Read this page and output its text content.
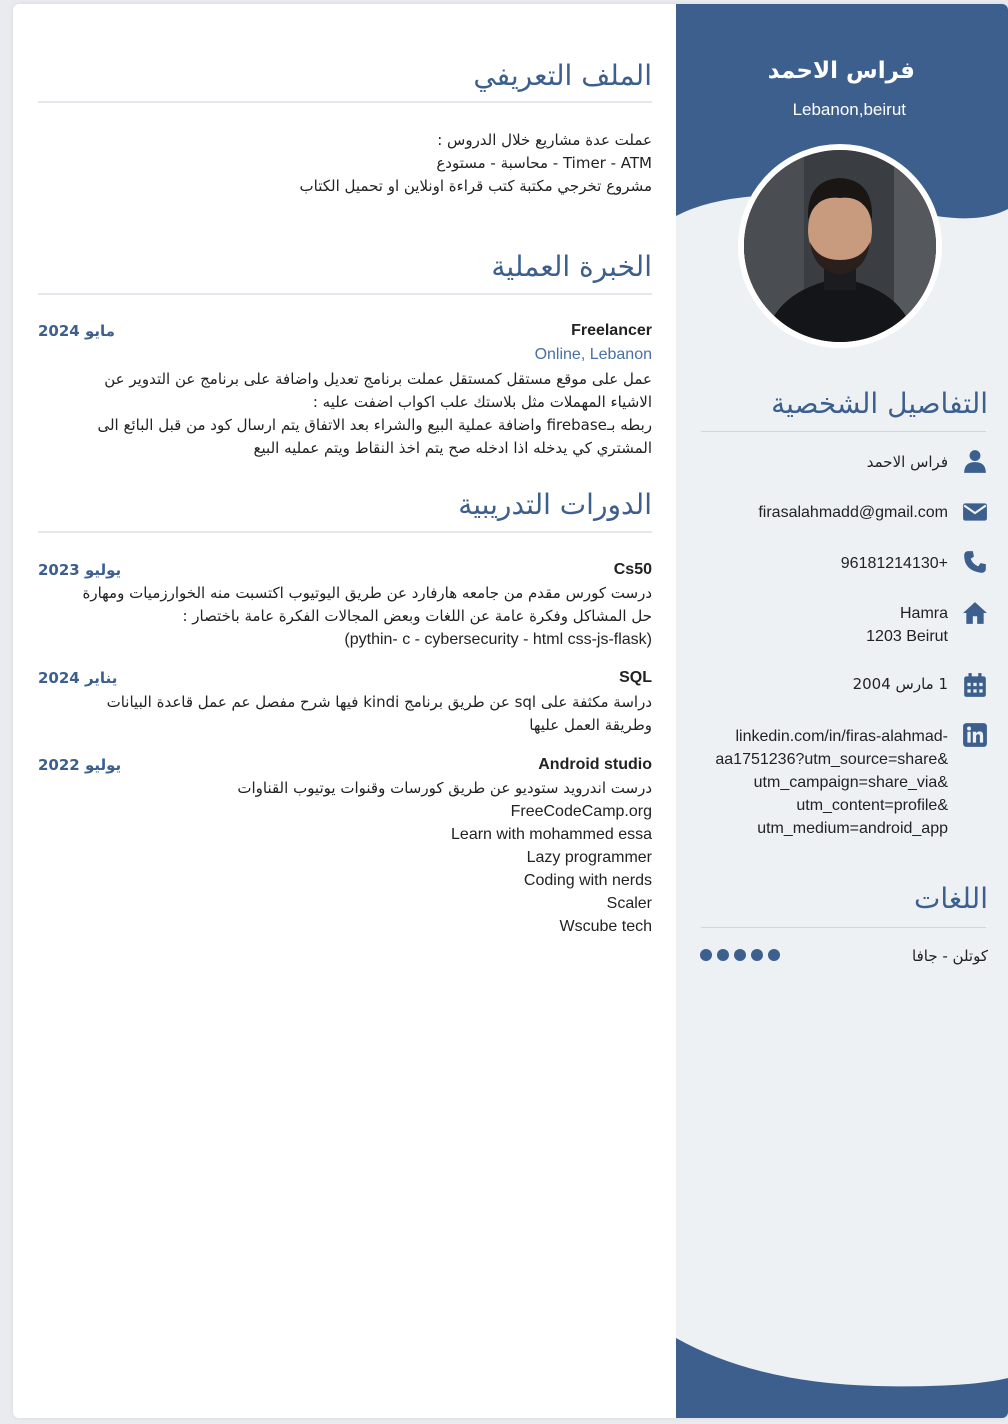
الملف التعريفي
عملت عدة مشاريع خلال الدروس :
Timer - ATM - محاسبة - مستودع
مشروع تخرجي مكتبة كتب قراءة اونلاين او تحميل الكتاب
الخبرة العملية
Freelancer
مايو 2024
Online, Lebanon
عمل على موقع مستقل كمستقل عملت برنامج تعديل واضافة على برنامج عن التدوير عن
الاشياء المهملات مثل بلاستك علب اكواب اضفت عليه :
ربطه بـfirebase واضافة عملية البيع والشراء بعد الاتفاق يتم ارسال كود من قبل البائع الى
المشتري كي يدخله اذا ادخله صح يتم اخذ النقاط ويتم عمليه البيع
الدورات التدريبية
Cs50
يوليو 2023
درست كورس مقدم من جامعه هارفارد عن طريق اليوتيوب اكتسبت منه الخوارزميات ومهارة
حل المشاكل وفكرة عامة عن اللغات وبعض المجالات الفكرة عامة باختصار :
(pythin- c - cybersecurity - html css-js-flask)
SQL
يناير 2024
دراسة مكثفة على sql عن طريق برنامج kindi فيها شرح مفصل عم عمل قاعدة البيانات
وطريقة العمل عليها
Android studio
يوليو 2022
درست اندرويد ستوديو عن طريق كورسات وقنوات يوتيوب القناوات
FreeCodeCamp.org
Learn with mohammed essa
Lazy programmer
Coding with nerds
Scaler
Wscube tech
فراس الاحمد
Lebanon,beirut
التفاصيل الشخصية
فراس الاحمد
firasalahmadd@gmail.com
96181214130+
Hamra
1203 Beirut
1 مارس 2004
linkedin.com/in/firas-alahmad-
aa1751236?utm_source=share&
utm_campaign=share_via&
utm_content=profile&
utm_medium=android_app
اللغات
كوتلن - جافا
